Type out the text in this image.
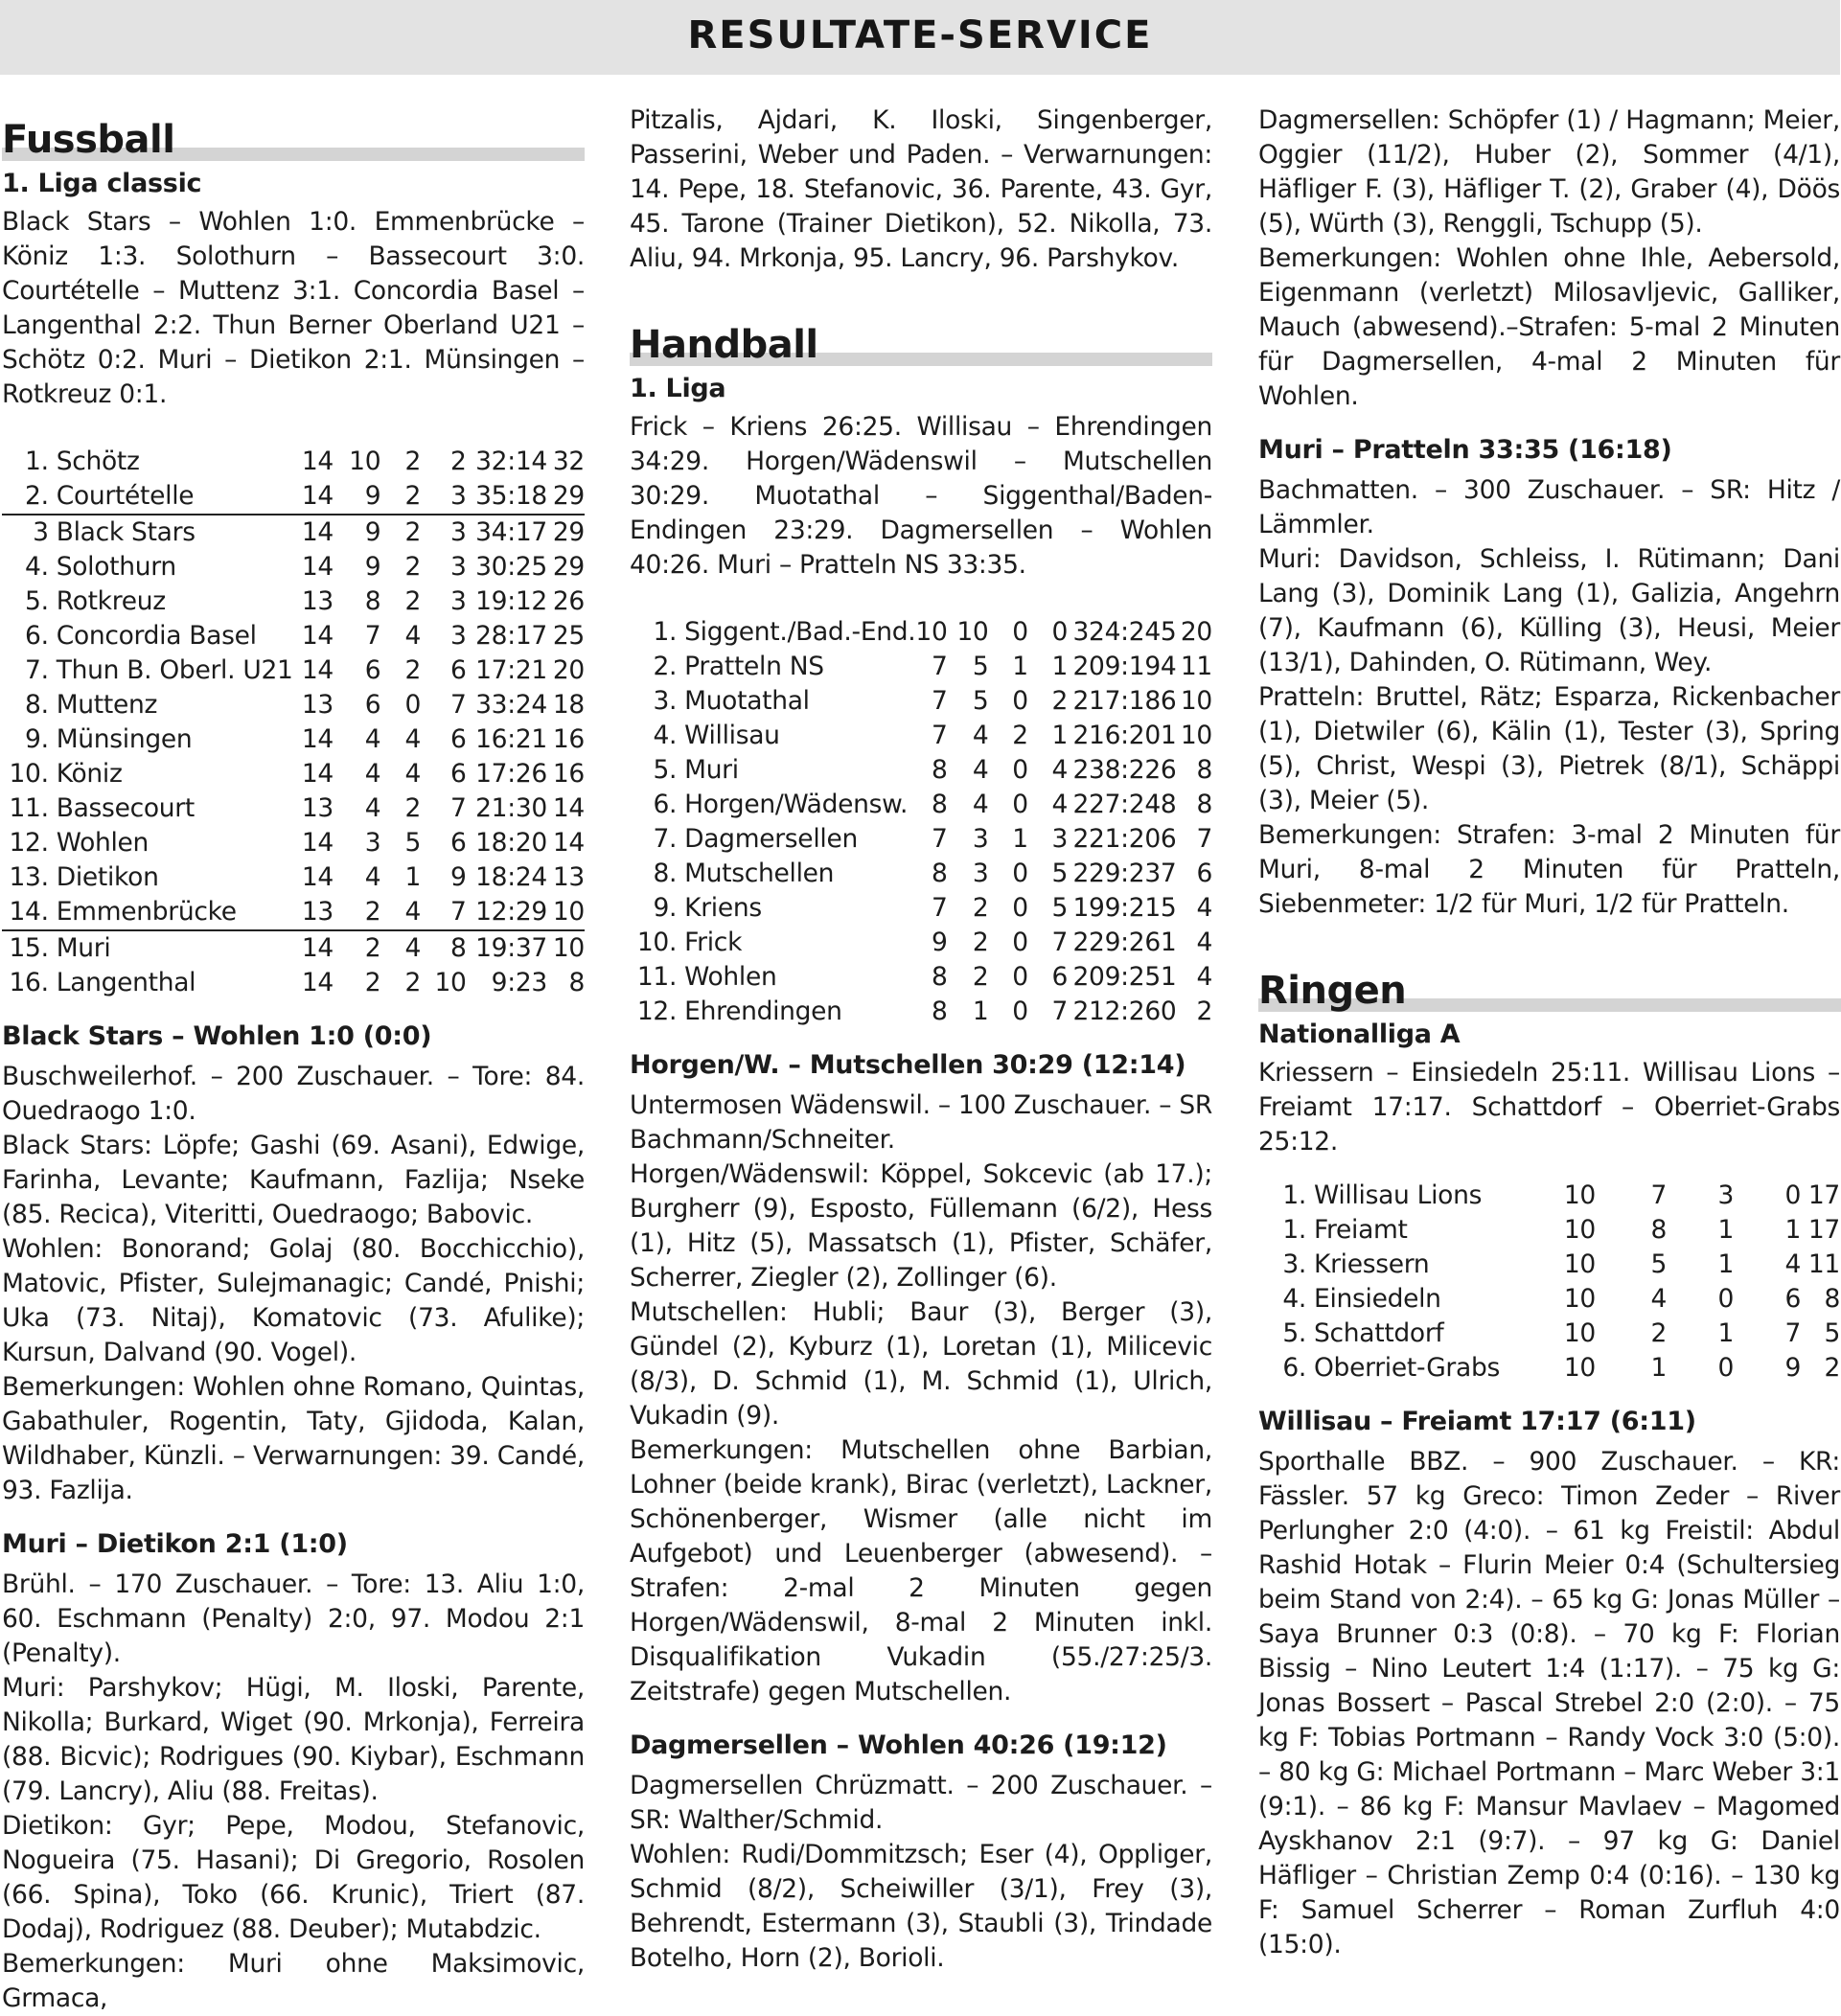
RESULTATE-SERVICE
Fussball
1. Liga classic

Black Stars – Wohlen 1:0. Emmenbrücke – Köniz 1:3. Solothurn – Bassecourt 3:0. Courtételle – Muttenz 3:1. Concordia Basel – Langenthal 2:2. Thun Berner Oberland U21 – Schötz 0:2. Muri – Dietikon 2:1. Münsingen – Rotkreuz 0:1.

1.	Schötz	14	10	2	2	32:14	32
2.	Courtételle	14	9	2	3	35:18	29
3	Black Stars	14	9	2	3	34:17	29
4.	Solothurn	14	9	2	3	30:25	29
5.	Rotkreuz	13	8	2	3	19:12	26
6.	Concordia Basel	14	7	4	3	28:17	25
7.	Thun B. Oberl. U21	14	6	2	6	17:21	20
8.	Muttenz	13	6	0	7	33:24	18
9.	Münsingen	14	4	4	6	16:21	16
10.	Köniz	14	4	4	6	17:26	16
11.	Bassecourt	13	4	2	7	21:30	14
12.	Wohlen	14	3	5	6	18:20	14
13.	Dietikon	14	4	1	9	18:24	13
14.	Emmenbrücke	13	2	4	7	12:29	10
15.	Muri	14	2	4	8	19:37	10
16.	Langenthal	14	2	2	10	9:23	8
Black Stars – Wohlen 1:0 (0:0)

Buschweilerhof. – 200 Zuschauer. – Tore: 84. Ouedraogo 1:0.

Black Stars: Löpfe; Gashi (69. Asani), Edwige, Farinha, Levante; Kaufmann, Fazlija; Nseke (85. Recica), Viteritti, Ouedraogo; Babovic.

Wohlen: Bonorand; Golaj (80. Bocchicchio), Matovic, Pfister, Sulejmanagic; Candé, Pnishi; Uka (73. Nitaj), Komatovic (73. Afulike); Kursun, Dalvand (90. Vogel).

Bemerkungen: Wohlen ohne Romano, Quintas, Gabathuler, Rogentin, Taty, Gjidoda, Kalan, Wildhaber, Künzli. – Verwarnungen: 39. Candé, 93. Fazlija.

Muri – Dietikon 2:1 (1:0)

Brühl. – 170 Zuschauer. – Tore: 13. Aliu 1:0, 60. Eschmann (Penalty) 2:0, 97. Modou 2:1 (Penalty).

Muri: Parshykov; Hügi, M. Iloski, Parente, Nikolla; Burkard, Wiget (90. Mrkonja), Ferreira (88. Bicvic); Rodrigues (90. Kiybar), Eschmann (79. Lancry), Aliu (88. Freitas).

Dietikon: Gyr; Pepe, Modou, Stefanovic, Nogueira (75. Hasani); Di Gregorio, Rosolen (66. Spina), Toko (66. Krunic), Triert (87. Dodaj), Rodriguez (88. Deuber); Mutabdzic.

Bemerkungen: Muri ohne Maksimovic, Grmaca,

Pitzalis, Ajdari, K. Iloski, Singenberger, Passerini, Weber und Paden. – Verwarnungen: 14. Pepe, 18. Stefanovic, 36. Parente, 43. Gyr, 45. Tarone (Trainer Dietikon), 52. Nikolla, 73. Aliu, 94. Mrkonja, 95. Lancry, 96. Parshykov.

Handball
1. Liga

Frick – Kriens 26:25. Willisau – Ehrendingen 34:29. Horgen/Wädenswil – Mutschellen 30:29. Muotathal – Siggenthal/Baden-Endingen 23:29. Dagmersellen – Wohlen 40:26. Muri – Pratteln NS 33:35.

1.	Siggent./Bad.-End.	10	10	0	0	324:245	20
2.	Pratteln NS	7	5	1	1	209:194	11
3.	Muotathal	7	5	0	2	217:186	10
4.	Willisau	7	4	2	1	216:201	10
5.	Muri	8	4	0	4	238:226	8
6.	Horgen/Wädensw.	8	4	0	4	227:248	8
7.	Dagmersellen	7	3	1	3	221:206	7
8.	Mutschellen	8	3	0	5	229:237	6
9.	Kriens	7	2	0	5	199:215	4
10.	Frick	9	2	0	7	229:261	4
11.	Wohlen	8	2	0	6	209:251	4
12.	Ehrendingen	8	1	0	7	212:260	2
Horgen/W. – Mutschellen 30:29 (12:14)

Untermosen Wädenswil. – 100 Zuschauer. – SR Bachmann/Schneiter.

Horgen/Wädenswil: Köppel, Sokcevic (ab 17.); Burgherr (9), Esposto, Füllemann (6/2), Hess (1), Hitz (5), Massatsch (1), Pfister, Schäfer, Scherrer, Ziegler (2), Zollinger (6).

Mutschellen: Hubli; Baur (3), Berger (3), Gündel (2), Kyburz (1), Loretan (1), Milicevic (8/3), D. Schmid (1), M. Schmid (1), Ulrich, Vukadin (9).

Bemerkungen: Mutschellen ohne Barbian, Lohner (beide krank), Birac (verletzt), Lackner, Schönenberger, Wismer (alle nicht im Aufgebot) und Leuenberger (abwesend). – Strafen: 2-mal 2 Minuten gegen Horgen/Wädenswil, 8-mal 2 Minuten inkl. Disqualifikation Vukadin (55./27:25/3. Zeitstrafe) gegen Mutschellen.

Dagmersellen – Wohlen 40:26 (19:12)

Dagmersellen Chrüzmatt. – 200 Zuschauer. – SR: Walther/Schmid.

Wohlen: Rudi/Dommitzsch; Eser (4), Oppliger, Schmid (8/2), Scheiwiller (3/1), Frey (3), Behrendt, Estermann (3), Staubli (3), Trindade Botelho, Horn (2), Borioli.

Dagmersellen: Schöpfer (1) / Hagmann; Meier, Oggier (11/2), Huber (2), Sommer (4/1), Häfliger F. (3), Häfliger T. (2), Graber (4), Döös (5), Würth (3), Renggli, Tschupp (5).

Bemerkungen: Wohlen ohne Ihle, Aebersold, Eigenmann (verletzt) Milosavljevic, Galliker, Mauch (abwesend).–Strafen: 5-mal 2 Minuten für Dagmersellen, 4-mal 2 Minuten für Wohlen.

Muri – Pratteln 33:35 (16:18)

Bachmatten. – 300 Zuschauer. – SR: Hitz / Lämmler.

Muri: Davidson, Schleiss, I. Rütimann; Dani Lang (3), Dominik Lang (1), Galizia, Angehrn (7), Kaufmann (6), Külling (3), Heusi, Meier (13/1), Dahinden, O. Rütimann, Wey.

Pratteln: Bruttel, Rätz; Esparza, Rickenbacher (1), Dietwiler (6), Kälin (1), Tester (3), Spring (5), Christ, Wespi (3), Pietrek (8/1), Schäppi (3), Meier (5).

Bemerkungen: Strafen: 3-mal 2 Minuten für Muri, 8-mal 2 Minuten für Pratteln, Siebenmeter: 1/2 für Muri, 1/2 für Pratteln.

Ringen
Nationalliga A

Kriessern – Einsiedeln 25:11. Willisau Lions – Freiamt 17:17. Schattdorf – Oberriet-Grabs 25:12.

1.	Willisau Lions	10	7	3	0	17
1.	Freiamt	10	8	1	1	17
3.	Kriessern	10	5	1	4	11
4.	Einsiedeln	10	4	0	6	8
5.	Schattdorf	10	2	1	7	5
6.	Oberriet-Grabs	10	1	0	9	2
Willisau – Freiamt 17:17 (6:11)

Sporthalle BBZ. – 900 Zuschauer. – KR: Fässler. 57 kg Greco: Timon Zeder – River Perlungher 2:0 (4:0). – 61 kg Freistil: Abdul Rashid Hotak – Flurin Meier 0:4 (Schultersieg beim Stand von 2:4). – 65 kg G: Jonas Müller – Saya Brunner 0:3 (0:8). – 70 kg F: Florian Bissig – Nino Leutert 1:4 (1:17). – 75 kg G: Jonas Bossert – Pascal Strebel 2:0 (2:0). – 75 kg F: Tobias Portmann – Randy Vock 3:0 (5:0). – 80 kg G: Michael Portmann – Marc Weber 3:1 (9:1). – 86 kg F: Mansur Mavlaev – Magomed Ayskhanov 2:1 (9:7). – 97 kg G: Daniel Häfliger – Christian Zemp 0:4 (0:16). – 130 kg F: Samuel Scherrer – Roman Zurfluh 4:0 (15:0).
